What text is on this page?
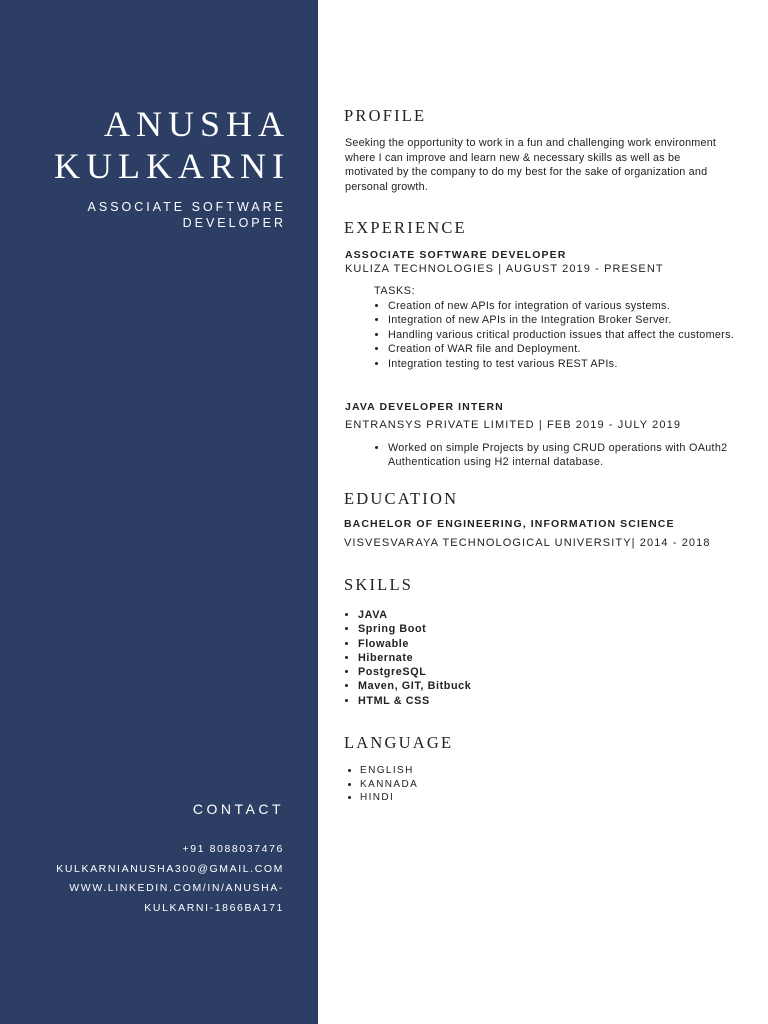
ANUSHA
KULKARNI
ASSOCIATE SOFTWARE
DEVELOPER
CONTACT
+91 8088037476
KULKARNIANUSHA300@GMAIL.COM
WWW.LINKEDIN.COM/IN/ANUSHA-
KULKARNI-1866BA171
PROFILE
Seeking the opportunity to work in a fun and challenging work environment where I can improve and learn new & necessary skills as well as be motivated by the company to do my best for the sake of organization and personal growth.
EXPERIENCE
ASSOCIATE SOFTWARE DEVELOPER
KULIZA TECHNOLOGIES | AUGUST 2019 - PRESENT
TASKS:
• Creation of new APIs for integration of various systems.
• Integration of new APIs in the Integration Broker Server.
• Handling various critical production issues that affect the customers.
• Creation of WAR file and Deployment.
• Integration testing to test various REST APIs.
JAVA DEVELOPER INTERN
ENTRANSYS PRIVATE LIMITED | FEB 2019 - JULY 2019
• Worked on simple Projects by using CRUD operations with OAuth2 Authentication using H2 internal database.
EDUCATION
BACHELOR OF ENGINEERING, INFORMATION SCIENCE
VISVESVARAYA TECHNOLOGICAL UNIVERSITY| 2014 - 2018
SKILLS
• JAVA
• Spring Boot
• Flowable
• Hibernate
• PostgreSQL
• Maven, GIT, Bitbuck
• HTML & CSS
LANGUAGE
• ENGLISH
• KANNADA
• HINDI
